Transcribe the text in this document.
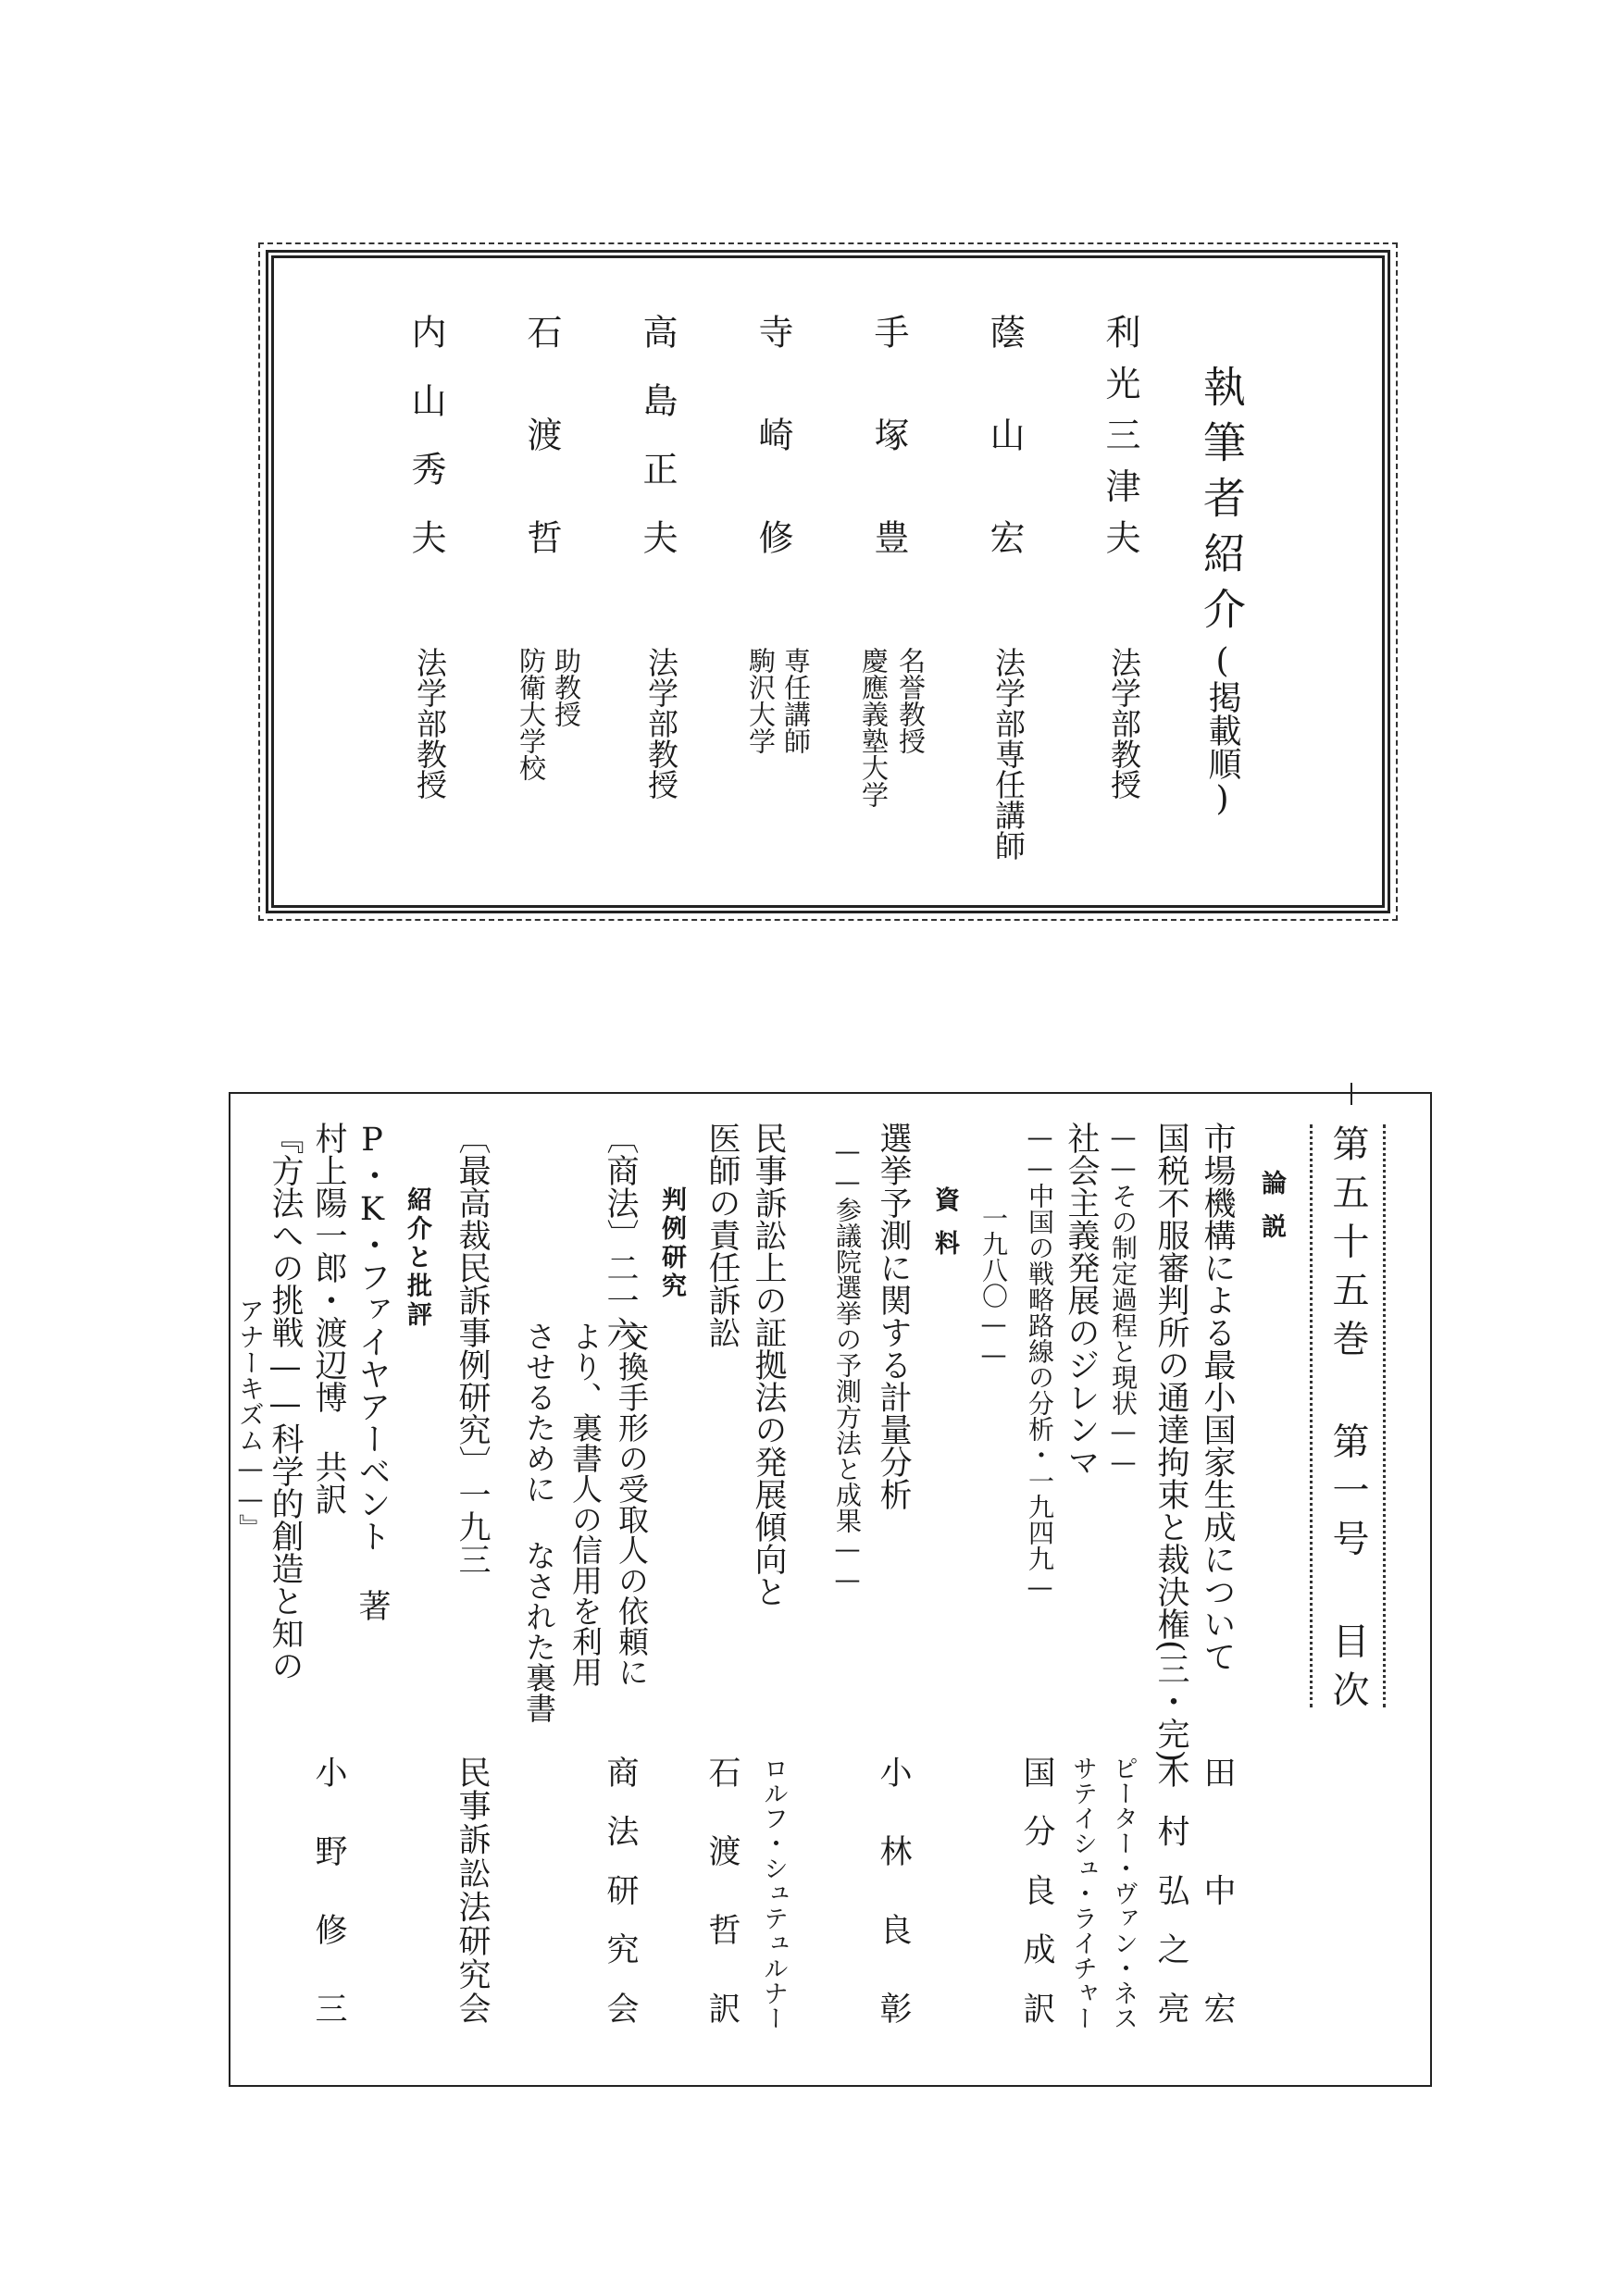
執筆者紹介(掲載順)

利光三津夫

法学部教授

蔭山宏

法学部専任講師

手塚豊

慶應義塾大学 名誉教授

寺崎修

駒沢大学 専任講師

高島正夫

法学部教授

石渡哲

防衛大学校 助教授

内山秀夫

法学部教授

第五十五巻 第一号 目次

論説

市場機構による最小国家生成について

田中宏

国税不服審判所の通達拘束と裁決権(三・完)

——その制定過程と現状——

木村弘之亮

社会主義発展のジレンマ

——中国の戦略路線の分析・一九四九—

一九八〇——

ピーター・ヴァン・ネス

サテイシュ・ライチャー

国分良成訳

資料

選挙予測に関する計量分析

——参議院選挙の予測方法と成果——

小林良彰

民事訴訟上の証拠法の発展傾向と

医師の責任訴訟

ロルフ・シュテュルナー

石渡哲訳

判例研究

〔商法〕二一六

交換手形の受取人の依頼に

より、裏書人の信用を利用

させるために なされた裏書

商法研究会

〔最高裁民訴事例研究〕一九三

民事訴訟法研究会

紹介と批評

P・K・ファイヤアーベント 著

村上陽一郎・渡辺博 共訳

『方法への挑戦——科学的創造と知の

アナーキズム——』

小野修三
